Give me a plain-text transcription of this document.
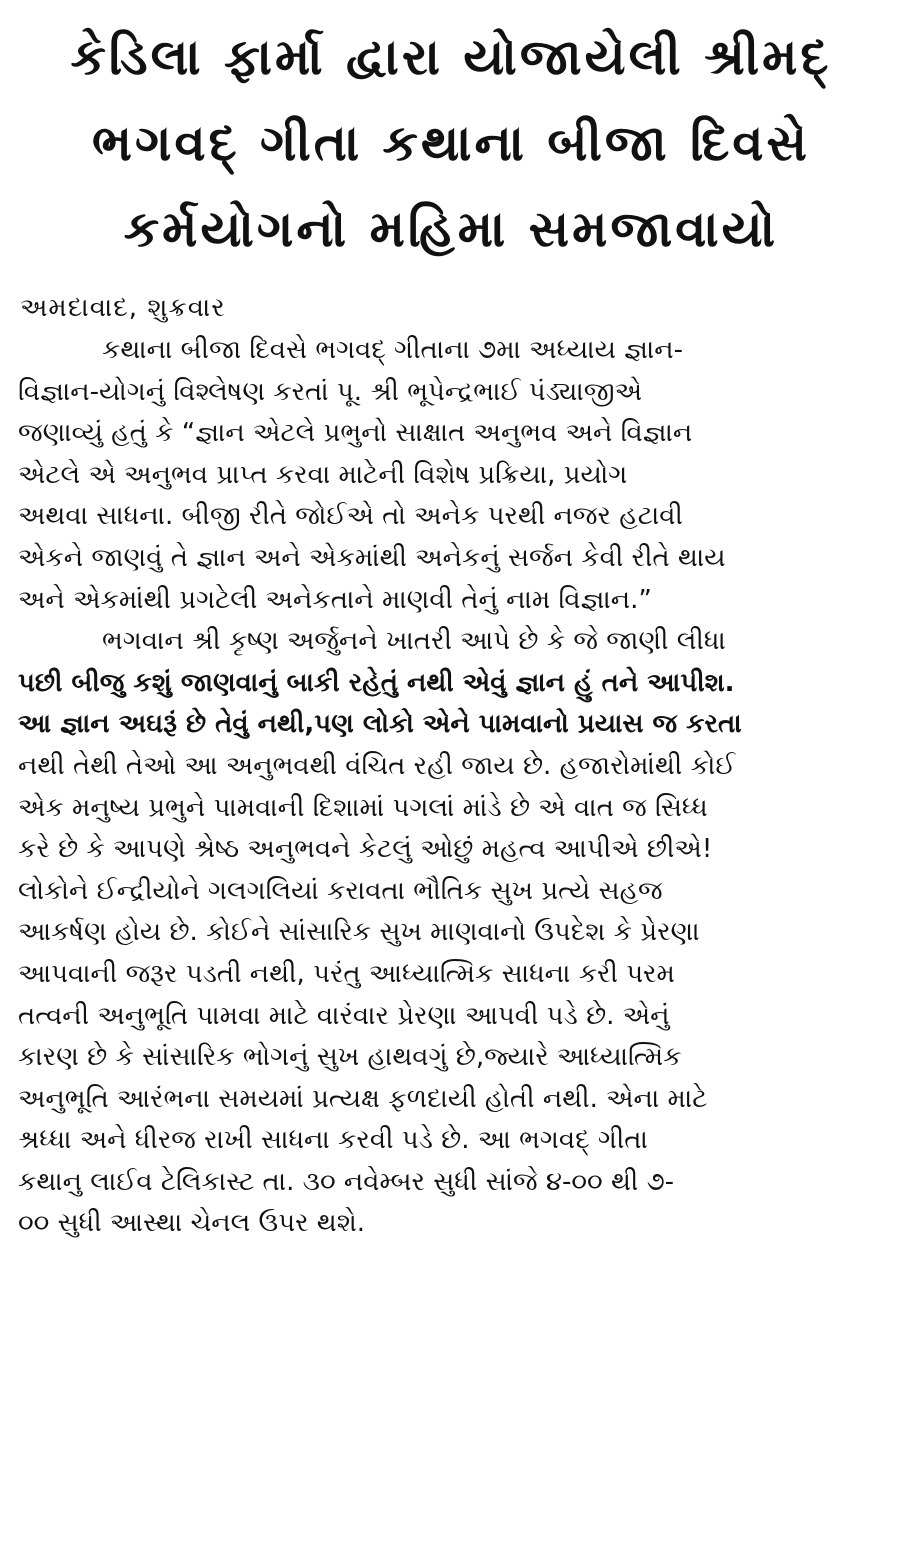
કેડિલા ફાર્મા દ્વારા યોજાયેલી શ્રીમદ્
ભગવદ્ ગીતા કથાના બીજા દિવસે
કર્મયોગનો મહિમા સમજાવાયો
અમદાવાદ, શુક્રવાર
કથાના બીજા દિવસે ભગવદ્ ગીતાના ૭મા અધ્યાય જ્ઞાન-
વિજ્ઞાન-યોગનું વિશ્લેષણ કરતાં પૂ. શ્રી ભૂપેન્દ્રભાઈ પંડ્યાજીએ
જણાવ્યું હતું કે “જ્ઞાન એટલે પ્રભુનો સાક્ષાત અનુભવ અને વિજ્ઞાન
એટલે એ અનુભવ પ્રાપ્ત કરવા માટેની વિશેષ પ્રક્રિયા, પ્રયોગ
અથવા સાધના. બીજી રીતે જોઈએ તો અનેક પરથી નજર હટાવી
એકને જાણવું તે જ્ઞાન અને એકમાંથી અનેકનું સર્જન કેવી રીતે થાય
અને એકમાંથી પ્રગટેલી અનેકતાને માણવી તેનું નામ વિજ્ઞાન.”
ભગવાન શ્રી કૃષ્ણ અર્જુનને ખાતરી આપે છે કે જે જાણી લીધા
પછી બીજુ કશું જાણવાનું બાકી રહેતું નથી એવું જ્ઞાન હું તને આપીશ.
આ જ્ઞાન અઘરૂં છે તેવું નથી,પણ લોકો એને પામવાનો પ્રયાસ જ કરતા
નથી તેથી તેઓ આ અનુભવથી વંચિત રહી જાય છે. હજારોમાંથી કોઈ
એક મનુષ્ય પ્રભુને પામવાની દિશામાં પગલાં માંડે છે એ વાત જ સિધ્ધ
કરે છે કે આપણે શ્રેષ્ઠ અનુભવને કેટલું ઓછું મહત્વ આપીએ છીએ!
લોકોને ઈન્દ્રીયોને ગલગલિયાં કરાવતા ભૌતિક સુખ પ્રત્યે સહજ
આકર્ષણ હોય છે. કોઈને સાંસારિક સુખ માણવાનો ઉપદેશ કે પ્રેરણા
આપવાની જરૂર પડતી નથી, પરંતુ આધ્યાત્મિક સાધના કરી પરમ
તત્વની અનુભૂતિ પામવા માટે વારંવાર પ્રેરણા આપવી પડે છે. એનું
કારણ છે કે સાંસારિક ભોગનું સુખ હાથવગું છે,જ્યારે આધ્યાત્મિક
અનુભૂતિ આરંભના સમયમાં પ્રત્યક્ષ ફળદાયી હોતી નથી. એના માટે
શ્રધ્ધા અને ધીરજ રાખી સાધના કરવી પડે છે. આ ભગવદ્ ગીતા
કથાનુ લાઈવ ટેલિકાસ્ટ તા. ૩૦ નવેમ્બર સુધી સાંજે ૪-૦૦ થી ૭-
૦૦ સુધી આસ્થા ચેનલ ઉપર થશે.
